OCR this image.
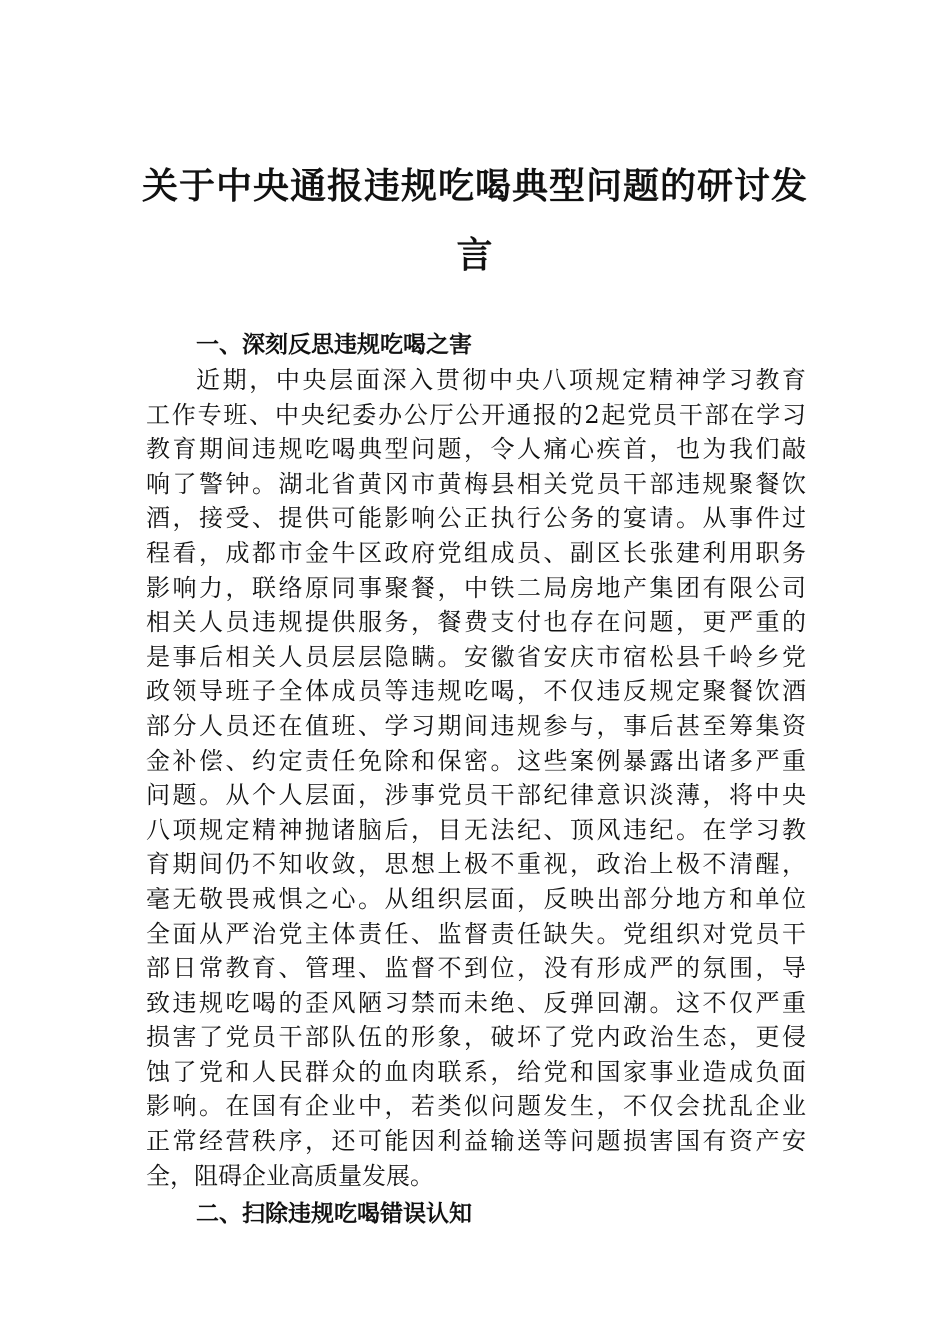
关于中央通报违规吃喝典型问题的研讨发
言
一、深刻反思违规吃喝之害
近期，中央层面深入贯彻中央八项规定精神学习教育
工作专班、中央纪委办公厅公开通报的2起党员干部在学习
教育期间违规吃喝典型问题，令人痛心疾首，也为我们敲
响了警钟。湖北省黄冈市黄梅县相关党员干部违规聚餐饮
酒，接受、提供可能影响公正执行公务的宴请。从事件过
程看，成都市金牛区政府党组成员、副区长张建利用职务
影响力，联络原同事聚餐，中铁二局房地产集团有限公司
相关人员违规提供服务，餐费支付也存在问题，更严重的
是事后相关人员层层隐瞒。安徽省安庆市宿松县千岭乡党
政领导班子全体成员等违规吃喝，不仅违反规定聚餐饮酒
部分人员还在值班、学习期间违规参与，事后甚至筹集资
金补偿、约定责任免除和保密。这些案例暴露出诸多严重
问题。从个人层面，涉事党员干部纪律意识淡薄，将中央
八项规定精神抛诸脑后，目无法纪、顶风违纪。在学习教
育期间仍不知收敛，思想上极不重视，政治上极不清醒，
毫无敬畏戒惧之心。从组织层面，反映出部分地方和单位
全面从严治党主体责任、监督责任缺失。党组织对党员干
部日常教育、管理、监督不到位，没有形成严的氛围，导
致违规吃喝的歪风陋习禁而未绝、反弹回潮。这不仅严重
损害了党员干部队伍的形象，破坏了党内政治生态，更侵
蚀了党和人民群众的血肉联系，给党和国家事业造成负面
影响。在国有企业中，若类似问题发生，不仅会扰乱企业
正常经营秩序，还可能因利益输送等问题损害国有资产安
全，阻碍企业高质量发展。
二、扫除违规吃喝错误认知
